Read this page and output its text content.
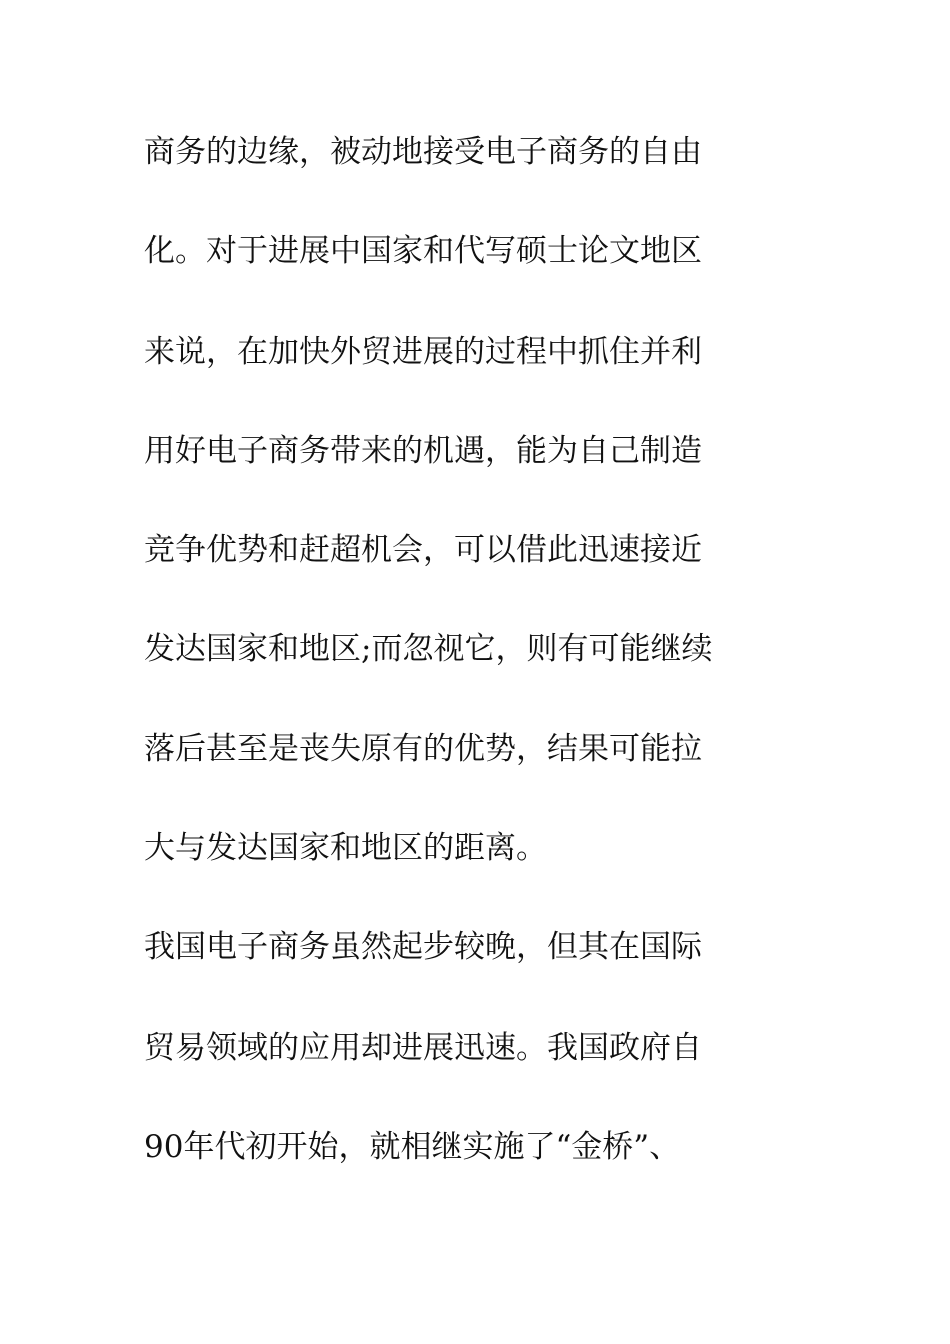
商务的边缘，被动地接受电子商务的自由
化。对于进展中国家和代写硕士论文地区
来说，在加快外贸进展的过程中抓住并利
用好电子商务带来的机遇，能为自己制造
竞争优势和赶超机会，可以借此迅速接近
发达国家和地区;而忽视它，则有可能继续
落后甚至是丧失原有的优势，结果可能拉
大与发达国家和地区的距离。
我国电子商务虽然起步较晚，但其在国际
贸易领域的应用却进展迅速。我国政府自
90年代初开始，就相继实施了“金桥”、
